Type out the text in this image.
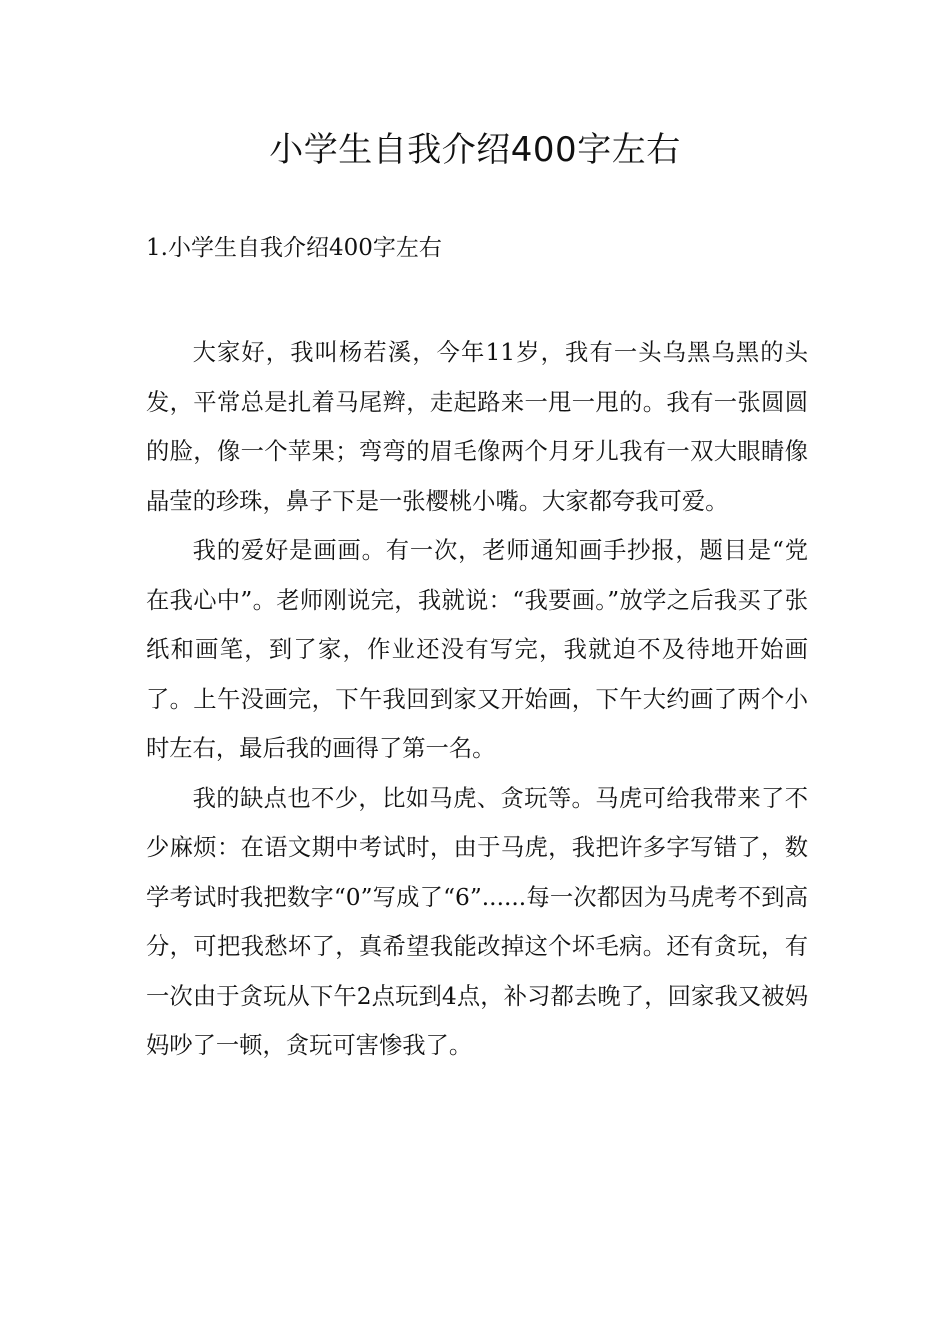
小学生自我介绍400字左右
1.小学生自我介绍400字左右

大家好，我叫杨若溪，今年11岁，我有一头乌黑乌黑的头发，平常总是扎着马尾辫，走起路来一甩一甩的。我有一张圆圆的脸，像一个苹果；弯弯的眉毛像两个月牙儿我有一双大眼睛像晶莹的珍珠，鼻子下是一张樱桃小嘴。大家都夸我可爱。

我的爱好是画画。有一次，老师通知画手抄报，题目是“党在我心中”。老师刚说完，我就说：“我要画。”放学之后我买了张纸和画笔，到了家，作业还没有写完，我就迫不及待地开始画了。上午没画完，下午我回到家又开始画，下午大约画了两个小时左右，最后我的画得了第一名。

我的缺点也不少，比如马虎、贪玩等。马虎可给我带来了不少麻烦：在语文期中考试时，由于马虎，我把许多字写错了，数学考试时我把数字“0”写成了“6”......每一次都因为马虎考不到高分，可把我愁坏了，真希望我能改掉这个坏毛病。还有贪玩，有一次由于贪玩从下午2点玩到4点，补习都去晚了，回家我又被妈妈吵了一顿，贪玩可害惨我了。
